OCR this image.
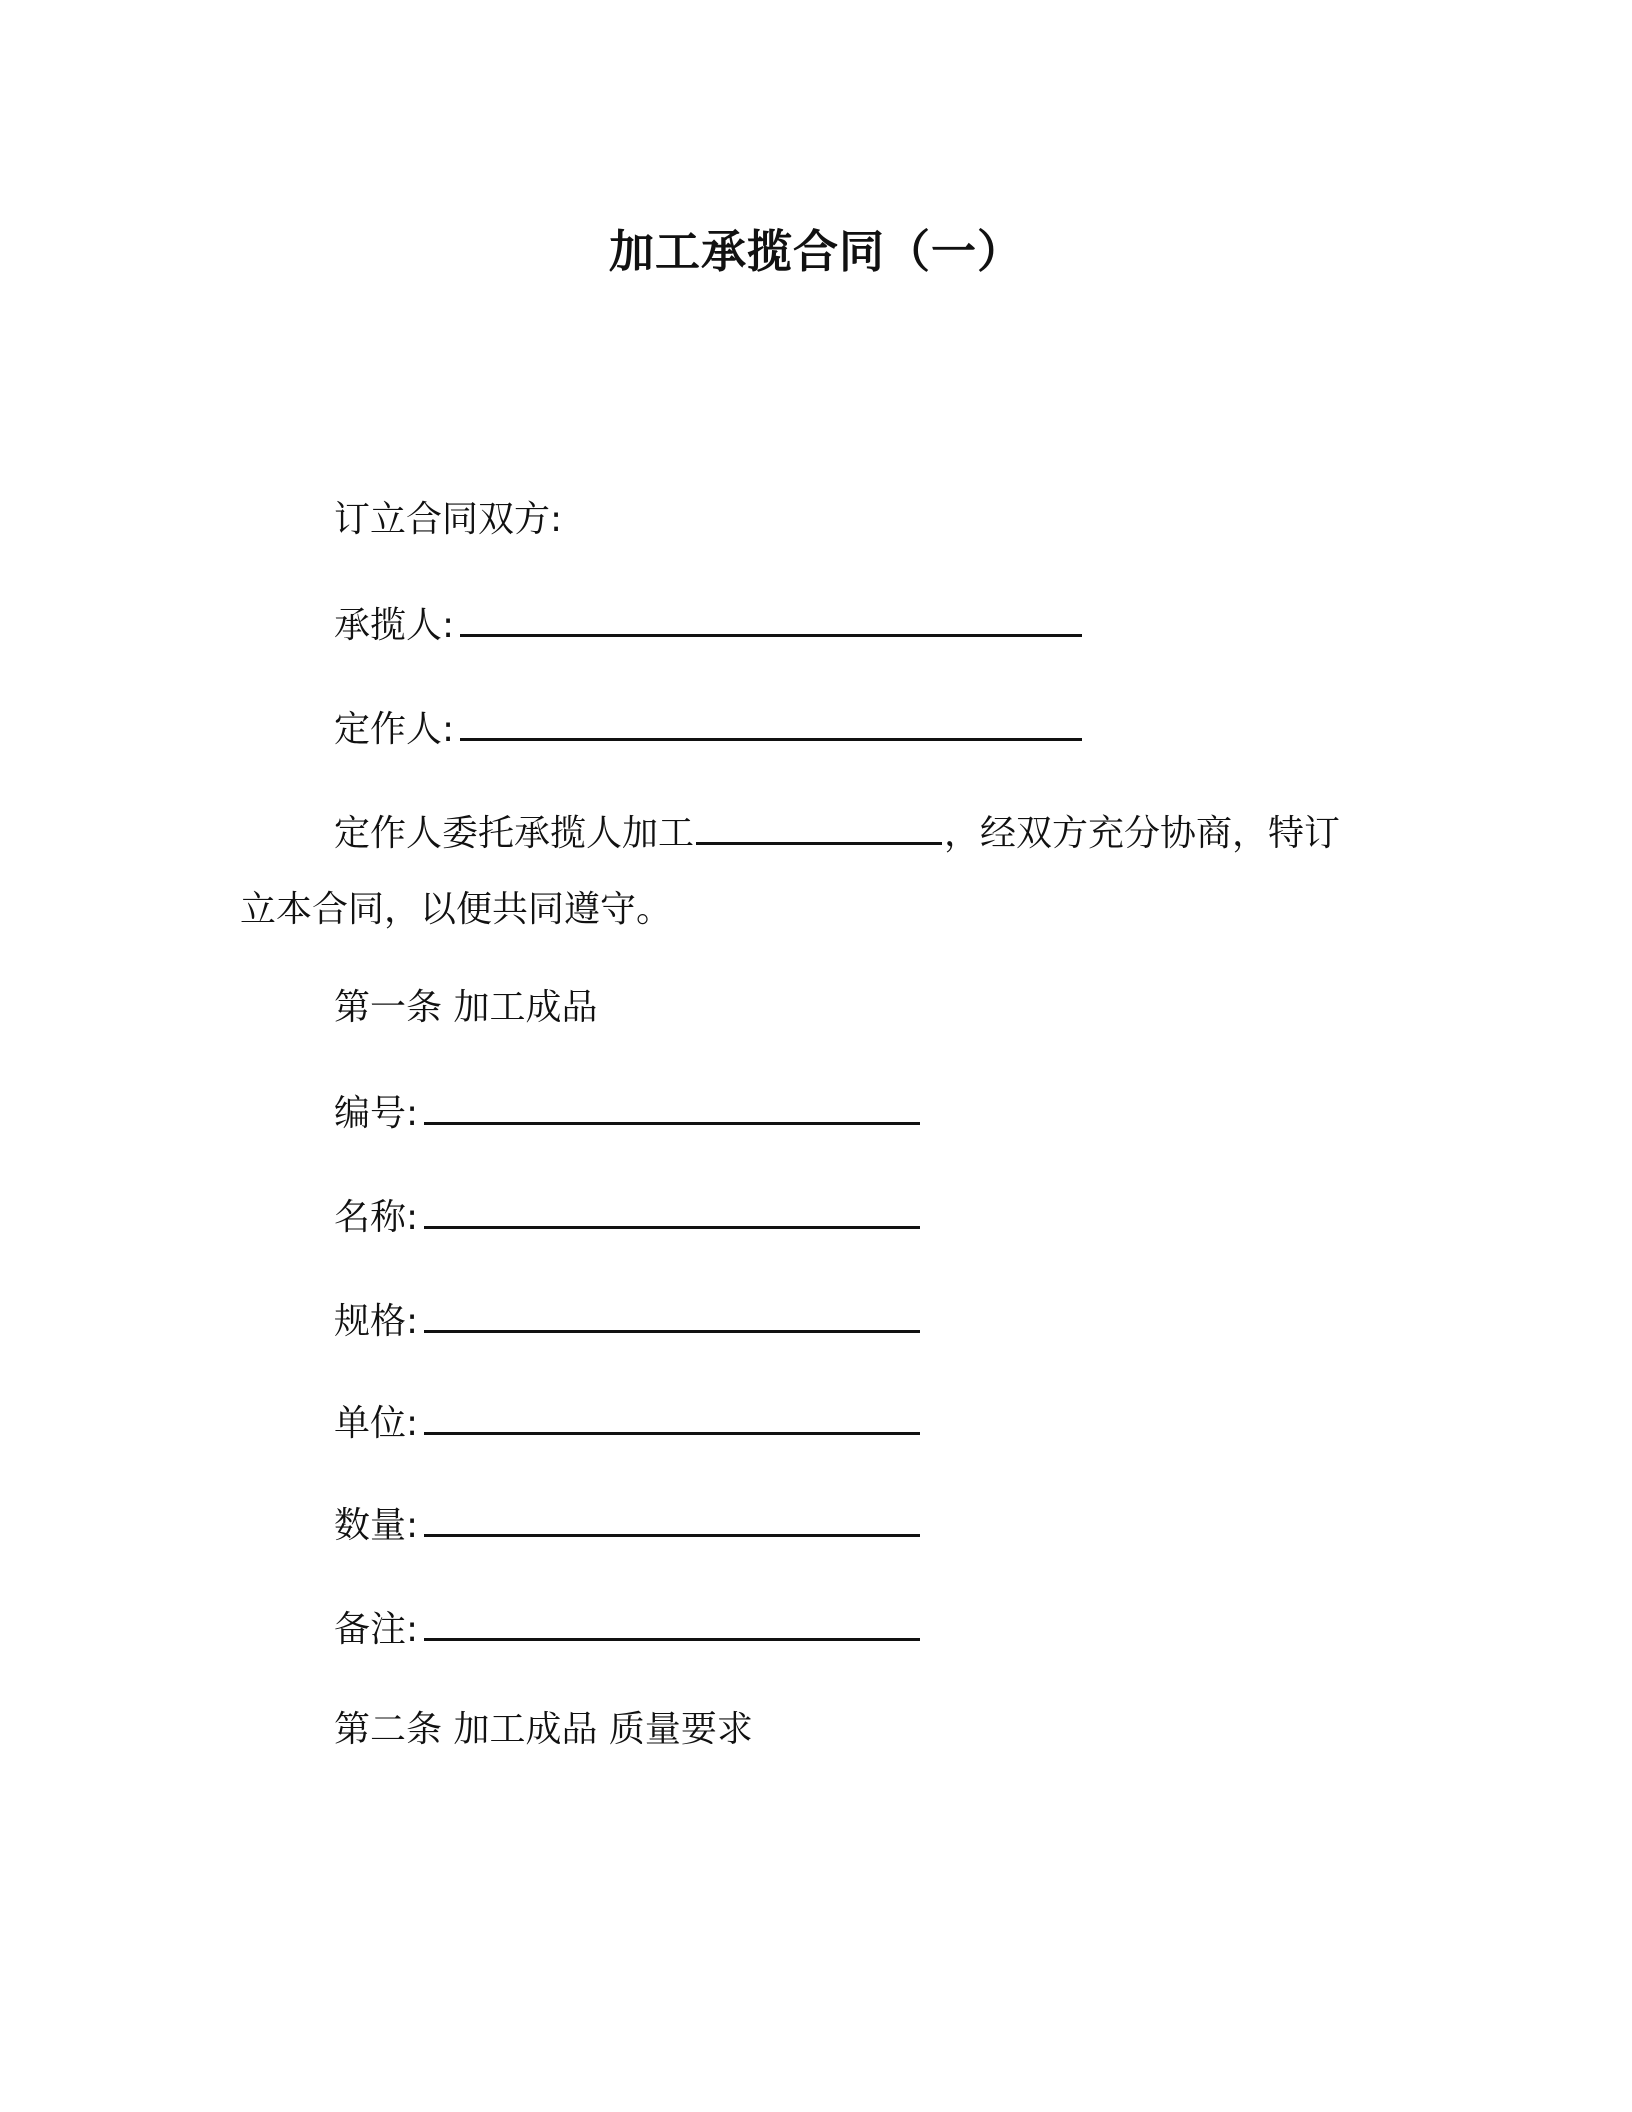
加工承揽合同（一）

订立合同双方:

承揽人:

定作人:

定作人委托承揽人加工	，经双方充分协商，特订立本合同，以便共同遵守。

第一条 加工成品

编号:

名称:

规格:

单位:

数量:

备注:

第二条 加工成品 质量要求
